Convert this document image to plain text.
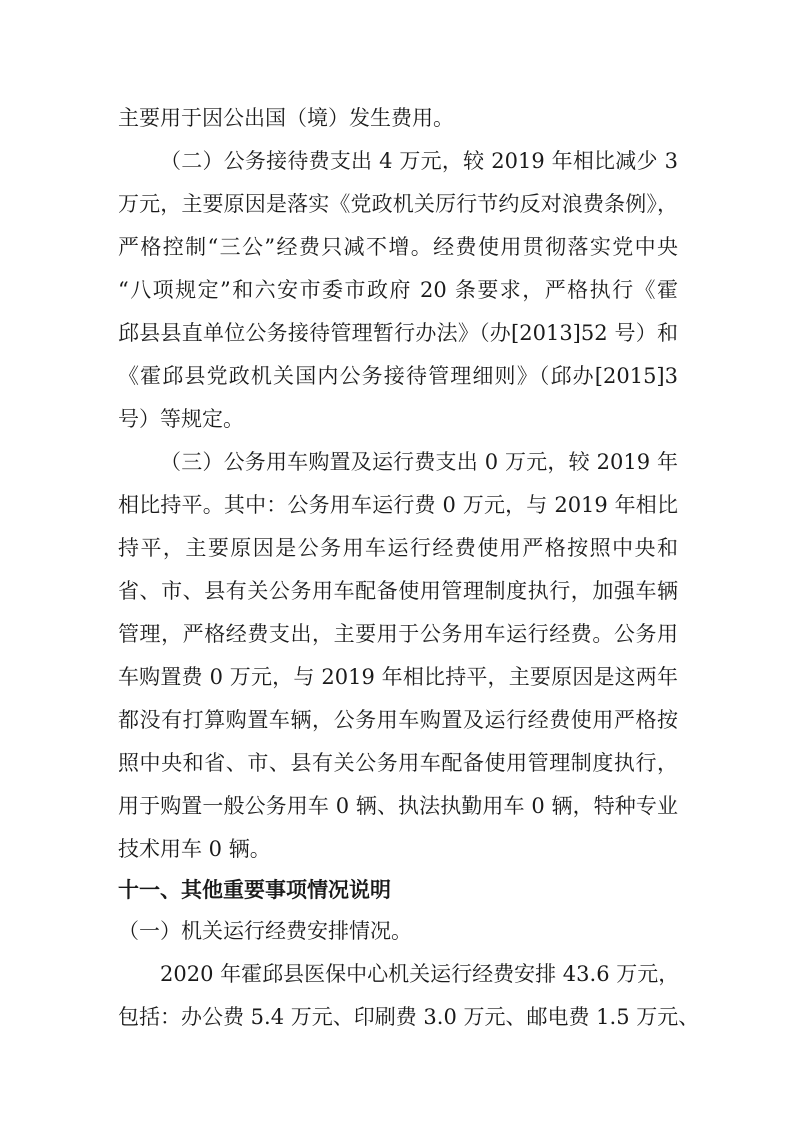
主要用于因公出国（境）发生费用。
（二）公务接待费支出 4 万元，较 2019 年相比减少 3
万元，主要原因是落实《党政机关厉行节约反对浪费条例》，
严格控制“三公”经费只减不增。经费使用贯彻落实党中央
“八项规定”和六安市委市政府 20 条要求，严格执行《霍
邱县县直单位公务接待管理暂行办法》（办[2013]52 号）和
《霍邱县党政机关国内公务接待管理细则》（邱办[2015]3
号）等规定。
（三）公务用车购置及运行费支出 0 万元，较 2019 年
相比持平。其中：公务用车运行费 0 万元，与 2019 年相比
持平，主要原因是公务用车运行经费使用严格按照中央和
省、市、县有关公务用车配备使用管理制度执行，加强车辆
管理，严格经费支出，主要用于公务用车运行经费。公务用
车购置费 0 万元，与 2019 年相比持平，主要原因是这两年
都没有打算购置车辆，公务用车购置及运行经费使用严格按
照中央和省、市、县有关公务用车配备使用管理制度执行，
用于购置一般公务用车 0 辆、执法执勤用车 0 辆，特种专业
技术用车 0 辆。
十一、其他重要事项情况说明
（一）机关运行经费安排情况。
2020 年霍邱县医保中心机关运行经费安排 43.6 万元，
包括：办公费 5.4 万元、印刷费 3.0 万元、邮电费 1.5 万元、
